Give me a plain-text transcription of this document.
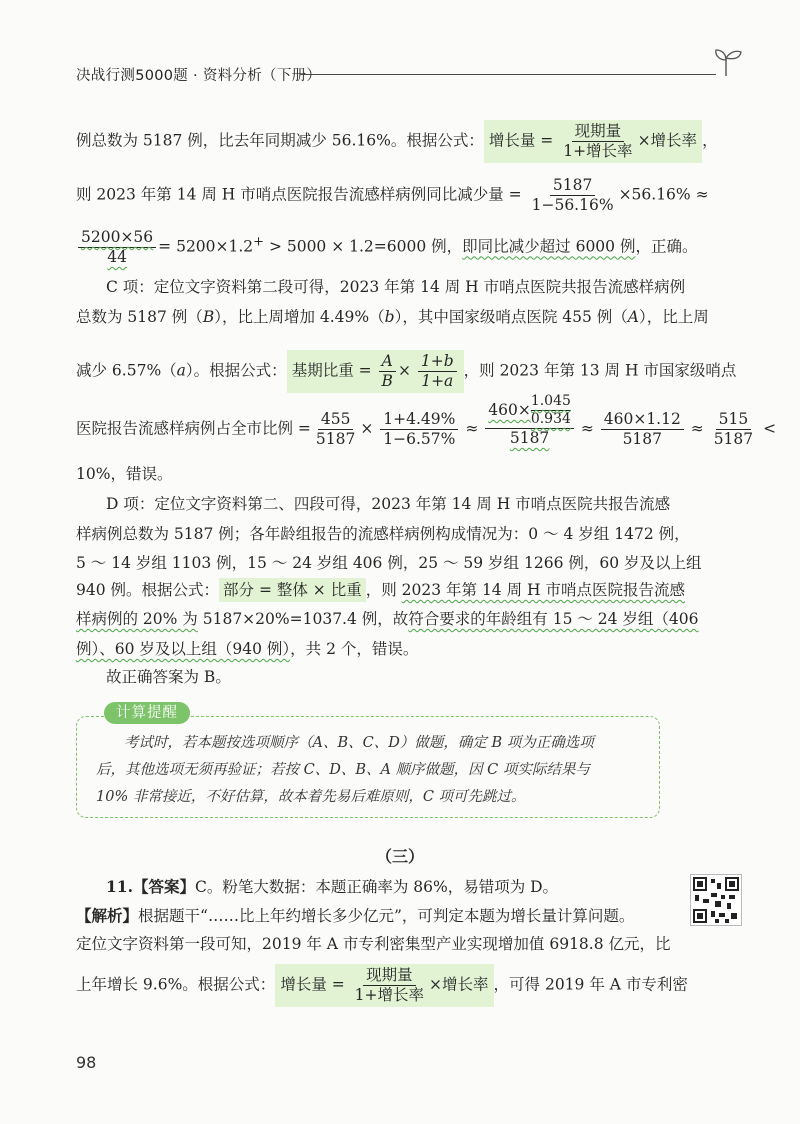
决战行测5000题 · 资料分析（下册）
例总数为 5187 例，比去年同期减少 56.16%。根据公式： 增长量 = $\frac{\text{现期量}}{\text{1+增长率}}$ ×增长率 ，
则 2023 年第 14 周 H 市哨点医院报告流感样病例同比减少量 = $\frac{5187}{1-56.16\%} \times 56.16\%$ ≈
$\frac{5200\times 56}{44} = 5200\times 1.2^+ > 5000 \times 1.2=6000$ 例，即同比减少超过 6000 例，正确。
C 项：定位文字资料第二段可得，2023 年第 14 周 H 市哨点医院共报告流感样病例
总数为 5187 例（B），比上周增加 4.49%（b），其中国家级哨点医院 455 例（A），比上周
减少 6.57%（a）。根据公式： 基期比重 = $\frac{A}{B} \times \frac{1+b}{1+a}$ ，则 2023 年第 13 周 H 市国家级哨点
医院报告流感样病例占全市比例 = $\frac{455}{5187} \times \frac{1+4.49\%}{1-6.57\%} \approx \frac{460\times \frac{1.045}{0.934}}{5187} \approx \frac{460\times 1.12}{5187} \approx \frac{515}{5187}$ <
10%，错误。
D 项：定位文字资料第二、四段可得，2023 年第 14 周 H 市哨点医院共报告流感
样病例总数为 5187 例；各年龄组报告的流感样病例构成情况为：0 ～ 4 岁组 1472 例，
5 ～ 14 岁组 1103 例，15 ～ 24 岁组 406 例，25 ～ 59 岁组 1266 例，60 岁及以上组
940 例。根据公式： 部分 = 整体 × 比重 ，则 2023 年第 14 周 H 市哨点医院报告流感
样病例的 20% 为 5187×20%=1037.4 例，故符合要求的年龄组有 15 ～ 24 岁组（406
例）、60 岁及以上组（940 例），共 2 个，错误。
故正确答案为 B。
计算提醒
考试时，若本题按选项顺序（A、B、C、D）做题，确定 B 项为正确选项
后，其他选项无须再验证；若按 C、D、B、A 顺序做题，因 C 项实际结果与
10% 非常接近，不好估算，故本着先易后难原则，C 项可先跳过。
（三）
11.【答案】C。粉笔大数据：本题正确率为 86%，易错项为 D。
【解析】根据题干“……比上年约增长多少亿元”，可判定本题为增长量计算问题。
定位文字资料第一段可知，2019 年 A 市专利密集型产业实现增加值 6918.8 亿元，比
上年增长 9.6%。根据公式： 增长量 = $\frac{\text{现期量}}{\text{1+增长率}}$ ×增长率 ，可得 2019 年 A 市专利密
98
